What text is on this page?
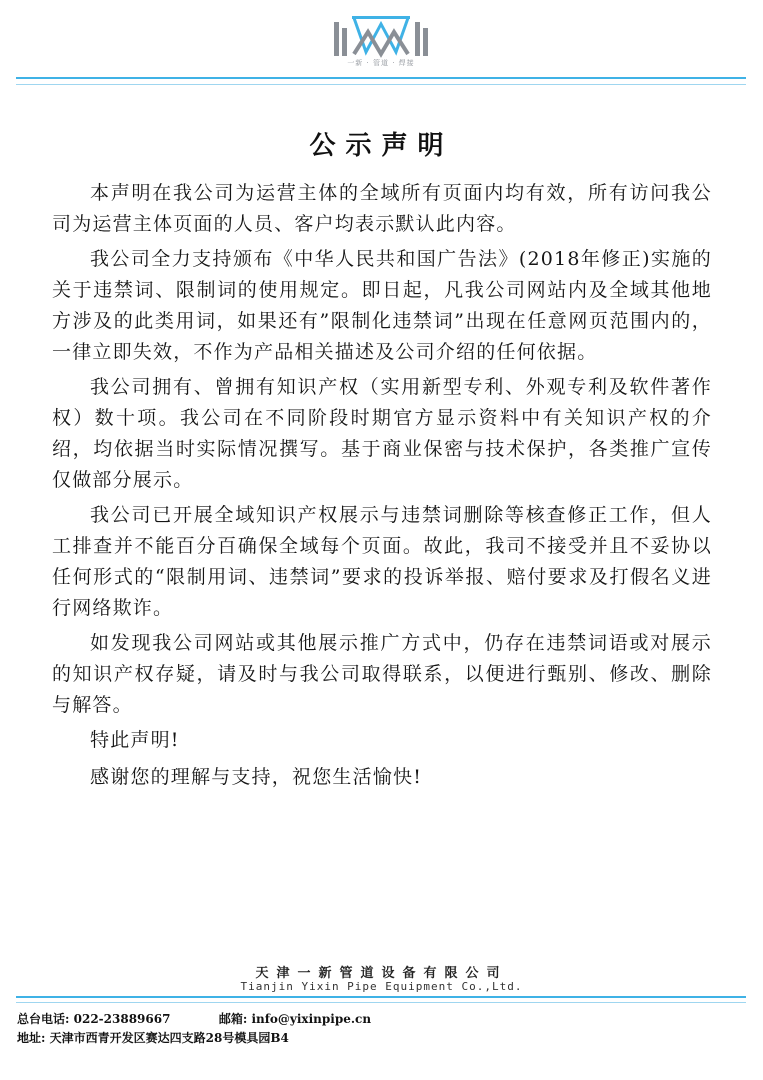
一新 · 管道 · 焊接
公示声明

本声明在我公司为运营主体的全域所有页面内均有效，所有访问我公司为运营主体页面的人员、客户均表示默认此内容。

我公司全力支持颁布《中华人民共和国广告法》(2018年修正)实施的关于违禁词、限制词的使用规定。即日起，凡我公司网站内及全域其他地方涉及的此类用词，如果还有”限制化违禁词”出现在任意网页范围内的，一律立即失效，不作为产品相关描述及公司介绍的任何依据。

我公司拥有、曾拥有知识产权（实用新型专利、外观专利及软件著作权）数十项。我公司在不同阶段时期官方显示资料中有关知识产权的介绍，均依据当时实际情况撰写。基于商业保密与技术保护，各类推广宣传仅做部分展示。

我公司已开展全域知识产权展示与违禁词删除等核查修正工作，但人工排查并不能百分百确保全域每个页面。故此，我司不接受并且不妥协以任何形式的“限制用词、违禁词”要求的投诉举报、赔付要求及打假名义进行网络欺诈。

如发现我公司网站或其他展示推广方式中，仍存在违禁词语或对展示的知识产权存疑，请及时与我公司取得联系，以便进行甄别、修改、删除与解答。

特此声明!

感谢您的理解与支持，祝您生活愉快!

天津一新管道设备有限公司
Tianjin Yixin Pipe Equipment Co.,Ltd.
总台电话: 022-23889667	邮箱: info@yixinpipe.cn
地址: 天津市西青开发区赛达四支路28号模具园B4
